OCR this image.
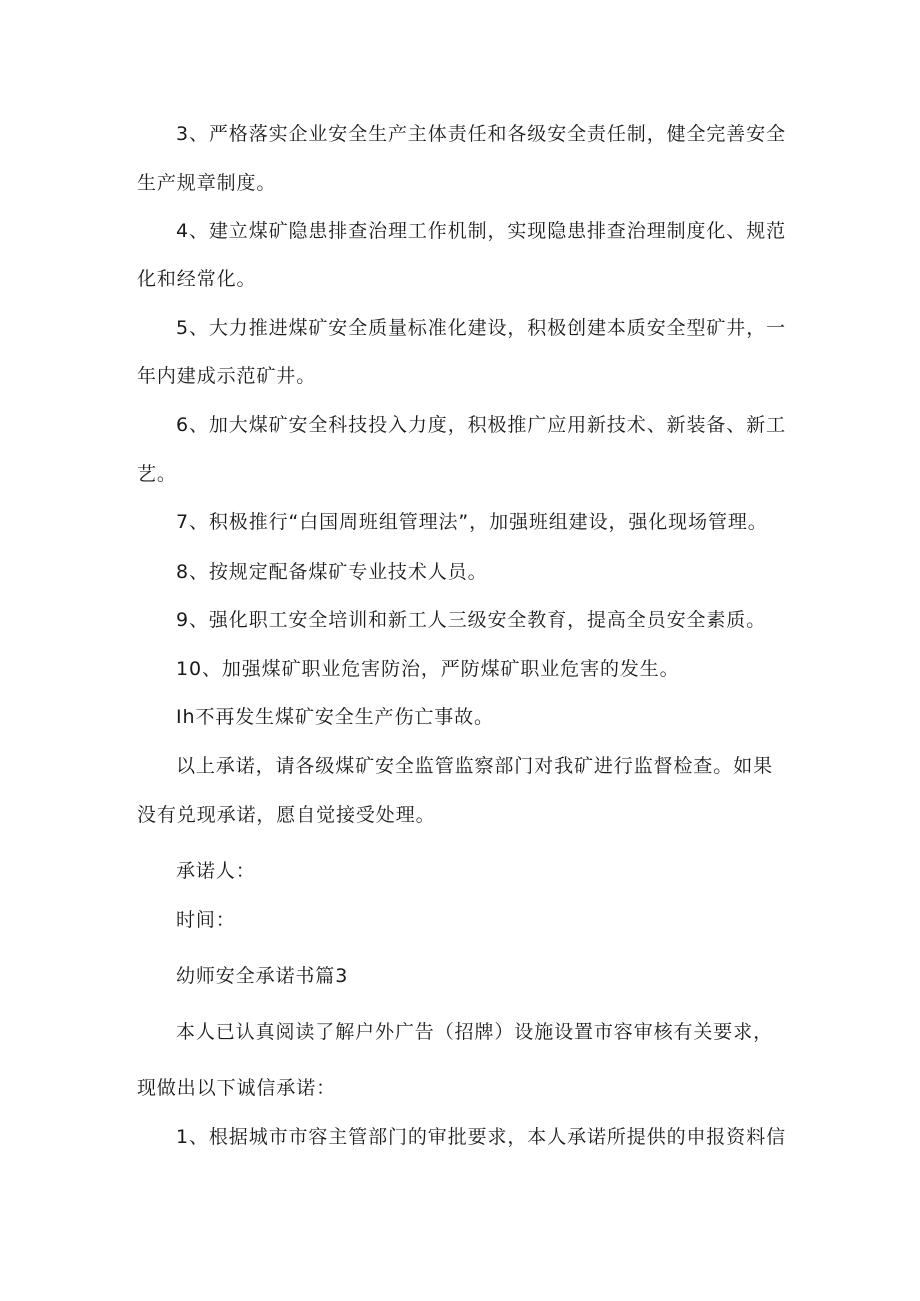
3、严格落实企业安全生产主体责任和各级安全责任制，健全完善安全
生产规章制度。
4、建立煤矿隐患排查治理工作机制，实现隐患排查治理制度化、规范
化和经常化。
5、大力推进煤矿安全质量标准化建设，积极创建本质安全型矿井，一
年内建成示范矿井。
6、加大煤矿安全科技投入力度，积极推广应用新技术、新装备、新工
艺。
7、积极推行“白国周班组管理法”，加强班组建设，强化现场管理。
8、按规定配备煤矿专业技术人员。
9、强化职工安全培训和新工人三级安全教育，提高全员安全素质。
10、加强煤矿职业危害防治，严防煤矿职业危害的发生。
Ih不再发生煤矿安全生产伤亡事故。
以上承诺，请各级煤矿安全监管监察部门对我矿进行监督检查。如果
没有兑现承诺，愿自觉接受处理。
承诺人：
时间：
幼师安全承诺书篇3
本人已认真阅读了解户外广告（招牌）设施设置市容审核有关要求，
现做出以下诚信承诺：
1、根据城市市容主管部门的审批要求，本人承诺所提供的申报资料信
